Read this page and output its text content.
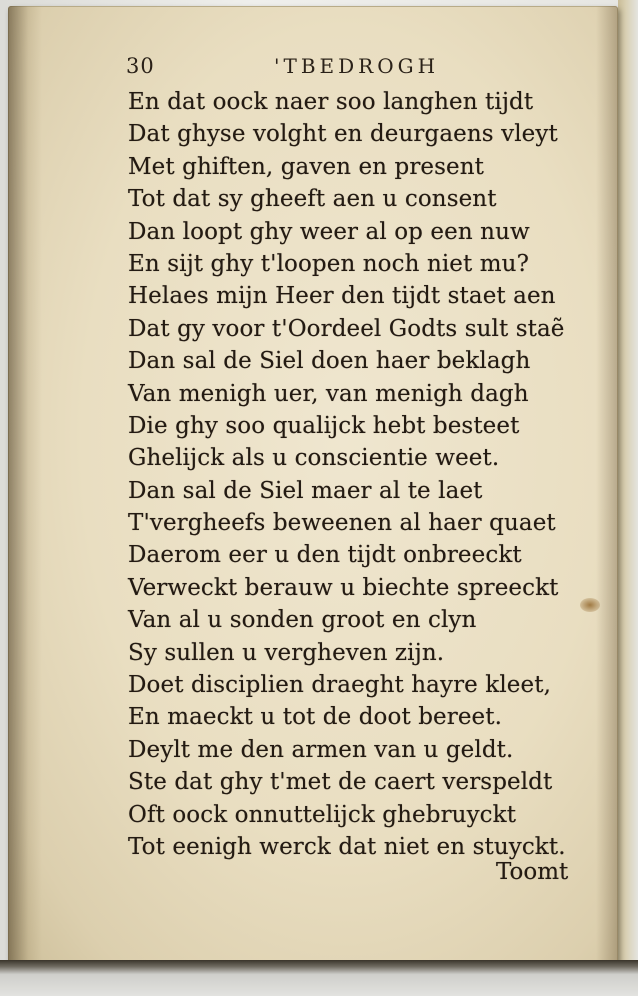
30	'TBEDROGH
En dat oock naer soo langhen tijdt
Dat ghyse volght en deurgaens vleyt
Met ghiften, gaven en present
Tot dat sy gheeft aen u consent
Dan loopt ghy weer al op een nuw
En sijt ghy t'loopen noch niet mu?
Helaes mijn Heer den tijdt staet aen
Dat gy voor t'Oordeel Godts sult staẽ
Dan sal de Siel doen haer beklagh
Van menigh uer, van menigh dagh
Die ghy soo qualijck hebt besteet
Ghelijck als u conscientie weet.
Dan sal de Siel maer al te laet
T'vergheefs beweenen al haer quaet
Daerom eer u den tijdt onbreeckt
Verweckt berauw u biechte spreeckt
Van al u sonden groot en clyn
Sy sullen u vergheven zijn.
Doet disciplien draeght hayre kleet,
En maeckt u tot de doot bereet.
Deylt me den armen van u geldt.
Ste dat ghy t'met de caert verspeldt
Oft oock onnuttelijck ghebruyckt
Tot eenigh werck dat niet en stuyckt.
Toomt
